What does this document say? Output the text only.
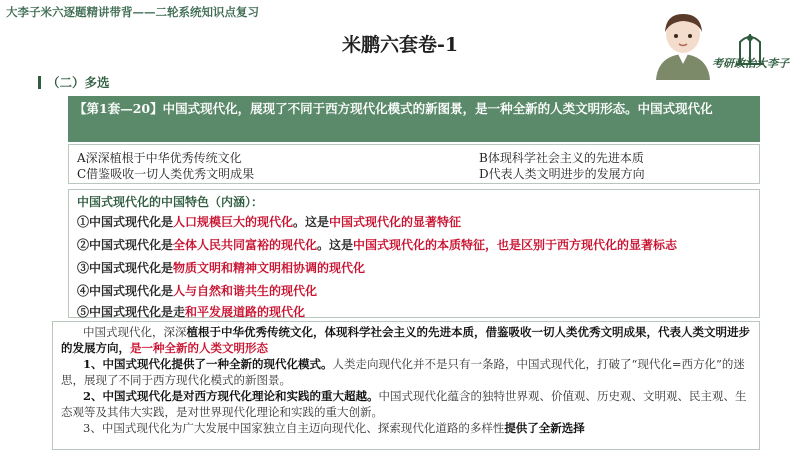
大李子米六逐题精讲带背——二轮系统知识点复习
米鹏六套卷-1
考研政治大李子
（二）多选
【第1套—20】中国式现代化，展现了不同于西方现代化模式的新图景，是一种全新的人类文明形态。中国式现代化
A深深植根于中华优秀传统文化	B体现科学社会主义的先进本质
C借鉴吸收一切人类优秀文明成果	D代表人类文明进步的发展方向
中国式现代化的中国特色（内涵）：
①中国式现代化是人口规模巨大的现代化。这是中国式现代化的显著特征
②中国式现代化是全体人民共同富裕的现代化。这是中国式现代化的本质特征，也是区别于西方现代化的显著标志
③中国式现代化是物质文明和精神文明相协调的现代化
④中国式现代化是人与自然和谐共生的现代化
⑤中国式现代化是走和平发展道路的现代化

中国式现代化，深深植根于中华优秀传统文化，体现科学社会主义的先进本质，借鉴吸收一切人类优秀文明成果，代表人类文明进步的发展方向，是一种全新的人类文明形态

1、中国式现代化提供了一种全新的现代化模式。人类走向现代化并不是只有一条路，中国式现代化，打破了“现代化=西方化”的迷思，展现了不同于西方现代化模式的新图景。

2、中国式现代化是对西方现代化理论和实践的重大超越。中国式现代化蕴含的独特世界观、价值观、历史观、文明观、民主观、生态观等及其伟大实践，是对世界现代化理论和实践的重大创新。

3、中国式现代化为广大发展中国家独立自主迈向现代化、探索现代化道路的多样性提供了全新选择
